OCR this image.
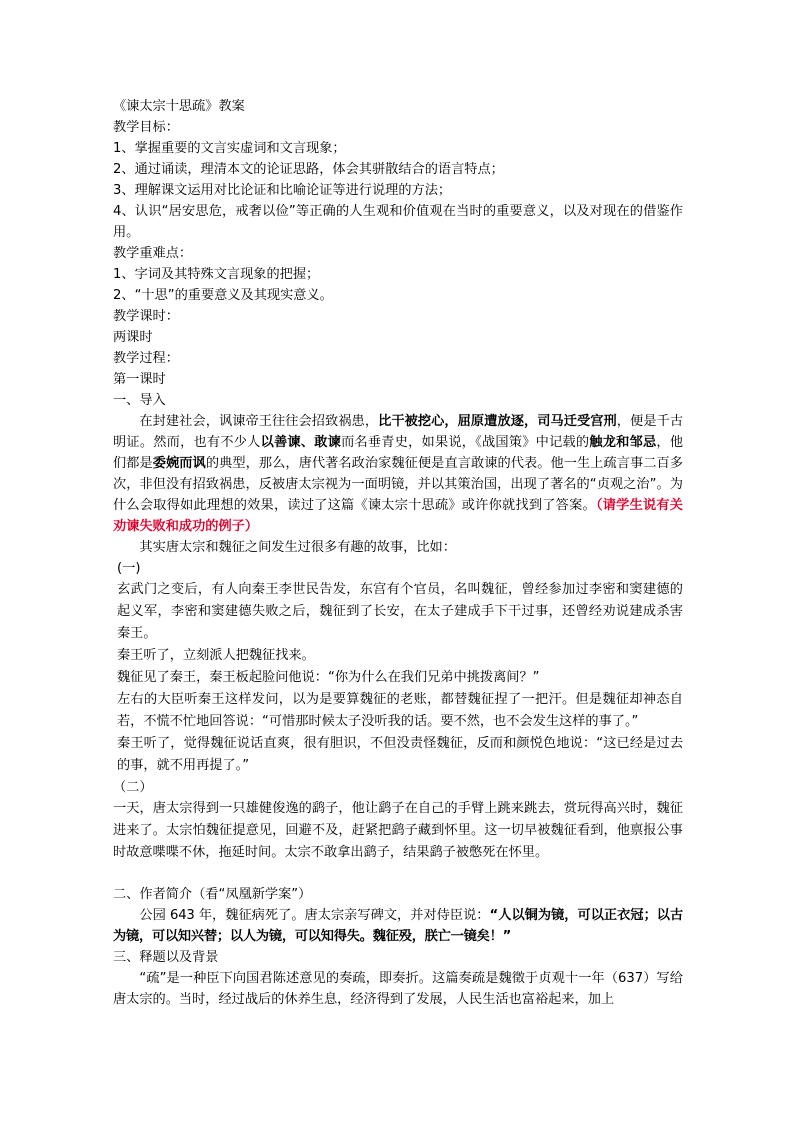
《谏太宗十思疏》教案
教学目标：
1、掌握重要的文言实虚词和文言现象；
2、通过诵读，理清本文的论证思路，体会其骈散结合的语言特点；
3、理解课文运用对比论证和比喻论证等进行说理的方法；
4、认识“居安思危，戒奢以俭”等正确的人生观和价值观在当时的重要意义，以及对现在的借鉴作用。
教学重难点：
1、字词及其特殊文言现象的把握；
2、“十思”的重要意义及其现实意义。
教学课时：
两课时
教学过程：
第一课时
一、导入
在封建社会，讽谏帝王往往会招致祸患，比干被挖心，屈原遭放逐，司马迁受宫刑，便是千古明证。然而，也有不少人以善谏、敢谏而名垂青史，如果说，《战国策》中记载的触龙和邹忌，他们都是委婉而讽的典型，那么，唐代著名政治家魏征便是直言敢谏的代表。他一生上疏言事二百多次，非但没有招致祸患，反被唐太宗视为一面明镜，并以其策治国，出现了著名的“贞观之治”。为什么会取得如此理想的效果，读过了这篇《谏太宗十思疏》或许你就找到了答案。（请学生说有关劝谏失败和成功的例子）
其实唐太宗和魏征之间发生过很多有趣的故事，比如：
(一)
玄武门之变后，有人向秦王李世民告发，东宫有个官员，名叫魏征，曾经参加过李密和窦建德的起义军，李密和窦建德失败之后，魏征到了长安，在太子建成手下干过事，还曾经劝说建成杀害秦王。
秦王听了，立刻派人把魏征找来。
魏征见了秦王，秦王板起脸问他说：“你为什么在我们兄弟中挑拨离间？”
左右的大臣听秦王这样发问，以为是要算魏征的老账，都替魏征捏了一把汗。但是魏征却神态自若，不慌不忙地回答说：“可惜那时候太子没听我的话。要不然，也不会发生这样的事了。”
秦王听了，觉得魏征说话直爽，很有胆识，不但没责怪魏征，反而和颜悦色地说：“这已经是过去的事，就不用再提了。”
（二）
一天，唐太宗得到一只雄健俊逸的鹞子，他让鹞子在自己的手臂上跳来跳去，赏玩得高兴时，魏征进来了。太宗怕魏征提意见，回避不及，赶紧把鹞子藏到怀里。这一切早被魏征看到，他禀报公事时故意喋喋不休，拖延时间。太宗不敢拿出鹞子，结果鹞子被憋死在怀里。
二、作者简介（看“凤凰新学案”）
公园 643 年，魏征病死了。唐太宗亲写碑文，并对侍臣说：“人以铜为镜，可以正衣冠；以古为镜，可以知兴替；以人为镜，可以知得失。魏征殁，朕亡一镜矣！”
三、释题以及背景
“疏”是一种臣下向国君陈述意见的奏疏，即奏折。这篇奏疏是魏徵于贞观十一年（637）写给唐太宗的。当时，经过战后的休养生息，经济得到了发展，人民生活也富裕起来，加上
